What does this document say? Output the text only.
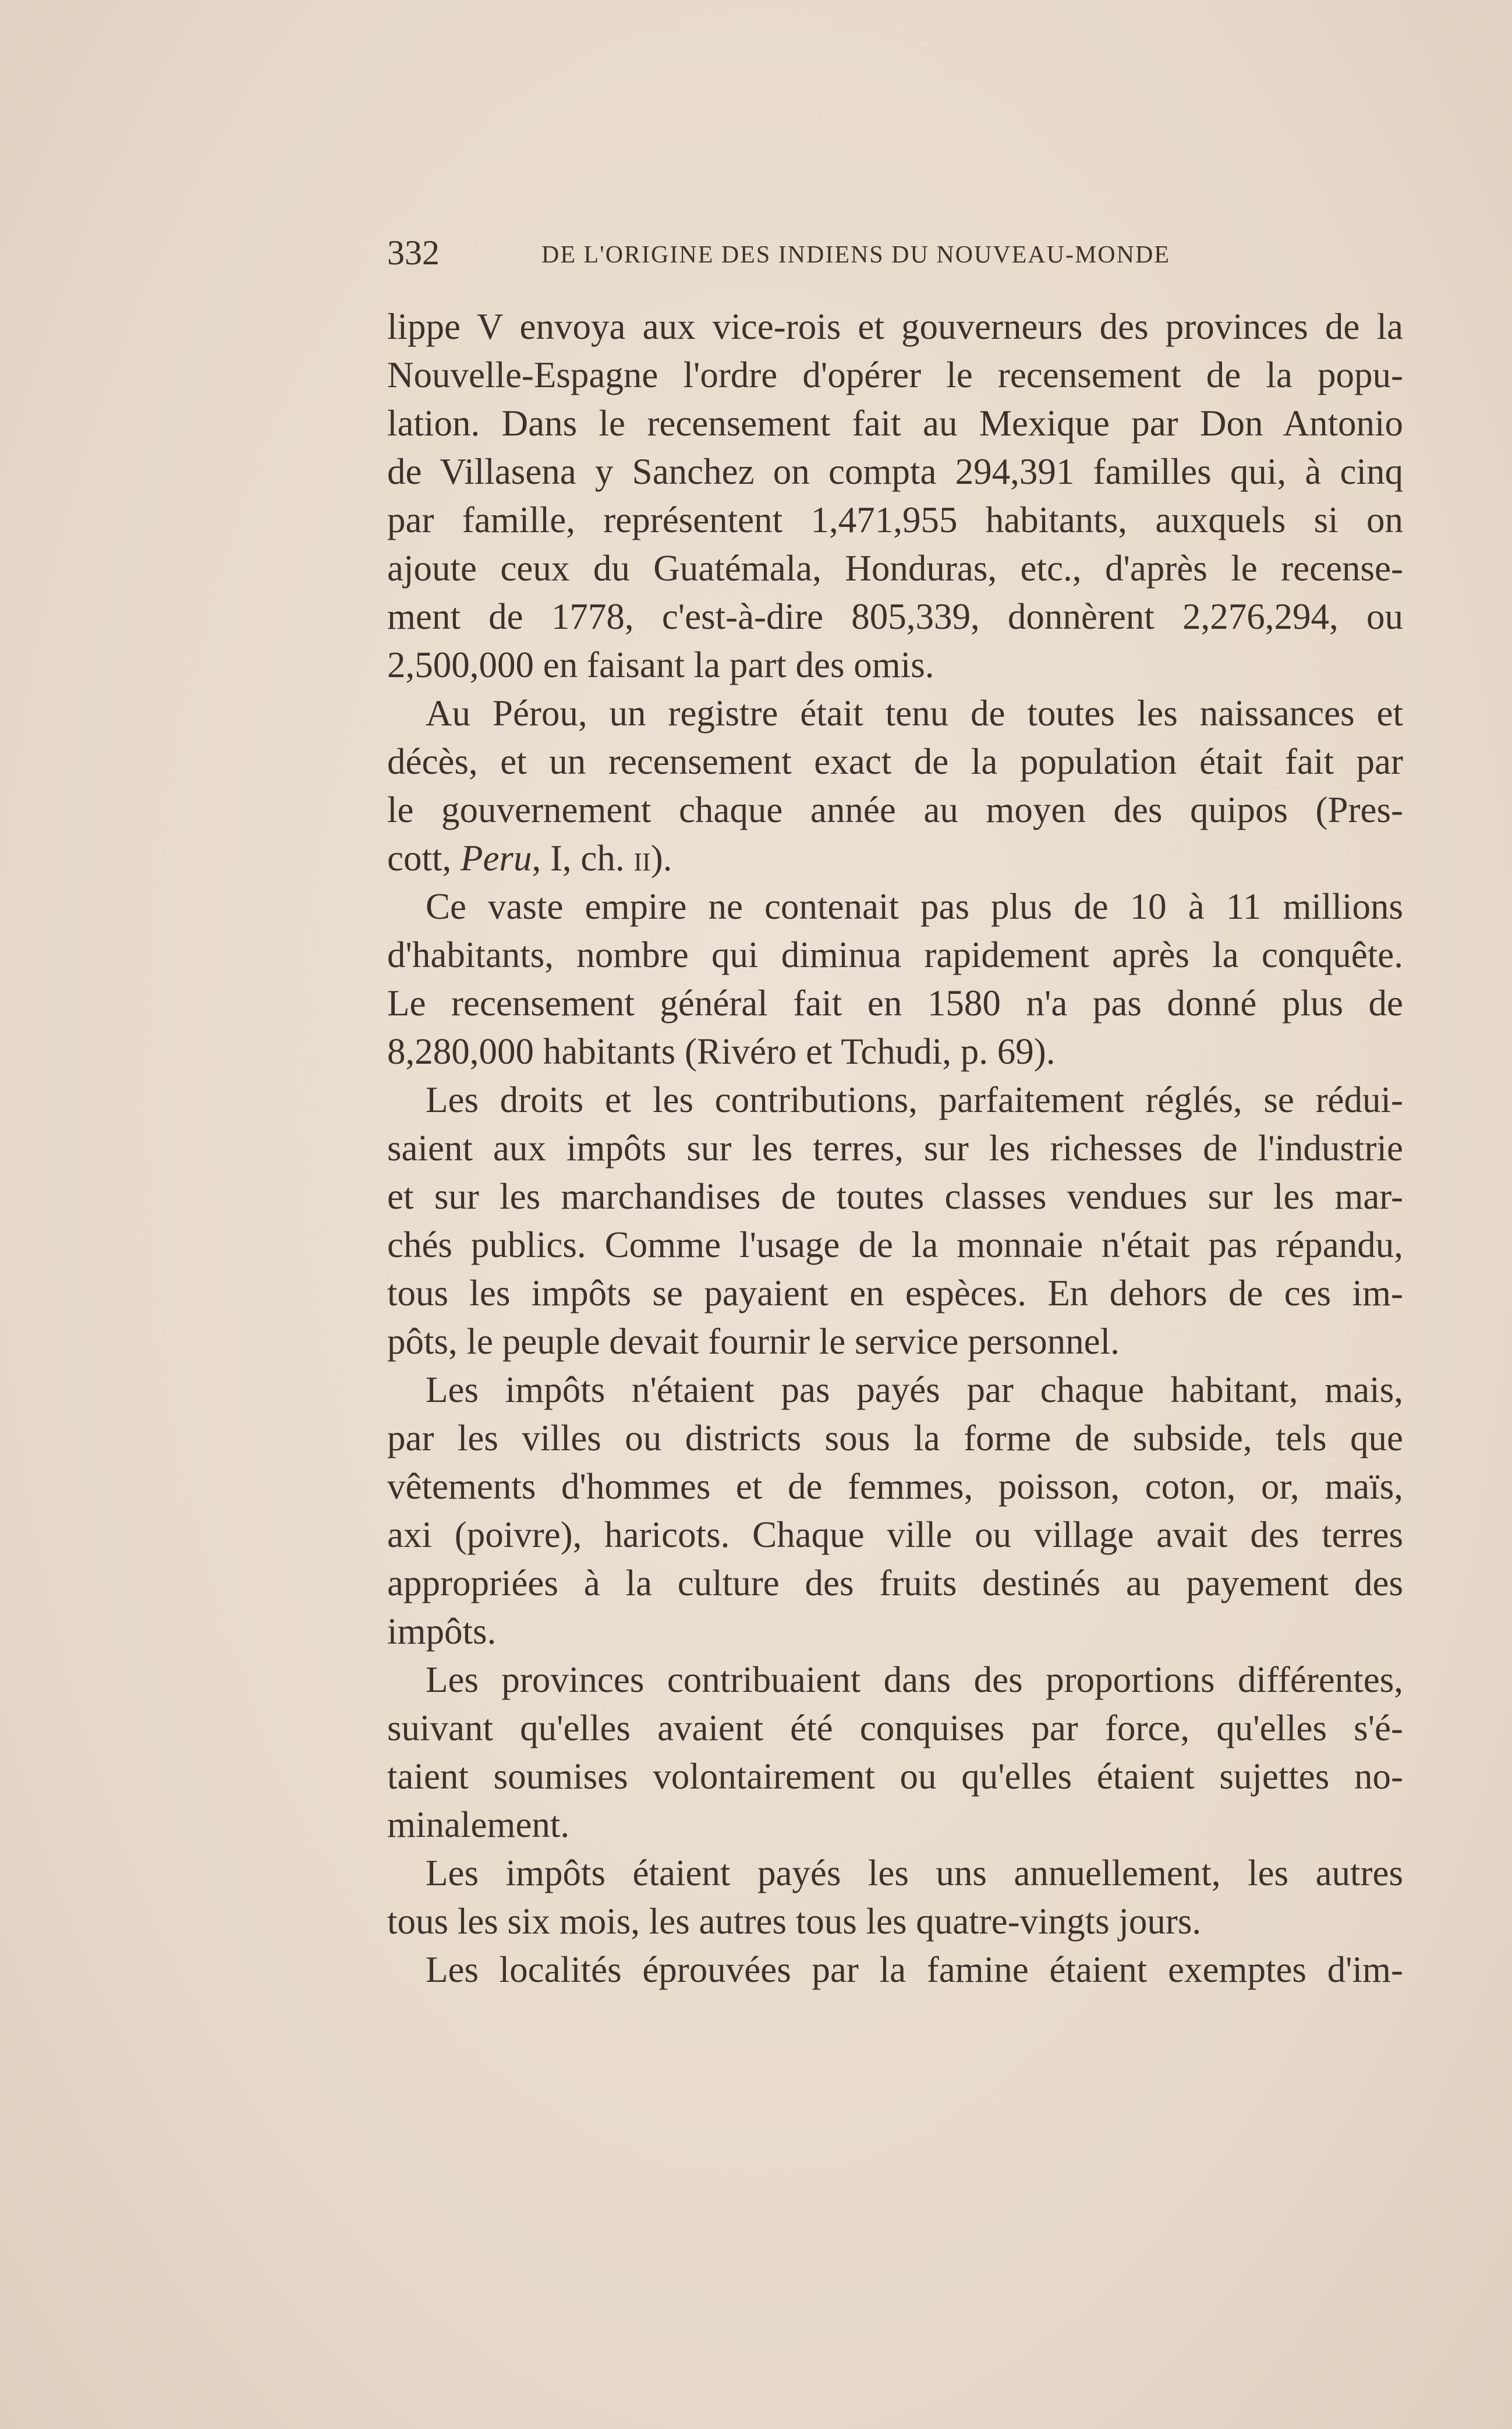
332	DE L'ORIGINE DES INDIENS DU NOUVEAU-MONDE
lippe V envoya aux vice-rois et gouverneurs des provinces de la
Nouvelle-Espagne l'ordre d'opérer le recensement de la popu-
lation. Dans le recensement fait au Mexique par Don Antonio
de Villasena y Sanchez on compta 294,391 familles qui, à cinq
par famille, représentent 1,471,955 habitants, auxquels si on
ajoute ceux du Guatémala, Honduras, etc., d'après le recense-
ment de 1778, c'est-à-dire 805,339, donnèrent 2,276,294, ou
2,500,000 en faisant la part des omis.
Au Pérou, un registre était tenu de toutes les naissances et
décès, et un recensement exact de la population était fait par
le gouvernement chaque année au moyen des quipos (Pres-
cott, Peru, I, ch. ii).
Ce vaste empire ne contenait pas plus de 10 à 11 millions
d'habitants, nombre qui diminua rapidement après la conquête.
Le recensement général fait en 1580 n'a pas donné plus de
8,280,000 habitants (Rivéro et Tchudi, p. 69).
Les droits et les contributions, parfaitement réglés, se rédui-
saient aux impôts sur les terres, sur les richesses de l'industrie
et sur les marchandises de toutes classes vendues sur les mar-
chés publics. Comme l'usage de la monnaie n'était pas répandu,
tous les impôts se payaient en espèces. En dehors de ces im-
pôts, le peuple devait fournir le service personnel.
Les impôts n'étaient pas payés par chaque habitant, mais,
par les villes ou districts sous la forme de subside, tels que
vêtements d'hommes et de femmes, poisson, coton, or, maïs,
axi (poivre), haricots. Chaque ville ou village avait des terres
appropriées à la culture des fruits destinés au payement des
impôts.
Les provinces contribuaient dans des proportions différentes,
suivant qu'elles avaient été conquises par force, qu'elles s'é-
taient soumises volontairement ou qu'elles étaient sujettes no-
minalement.
Les impôts étaient payés les uns annuellement, les autres
tous les six mois, les autres tous les quatre-vingts jours.
Les localités éprouvées par la famine étaient exemptes d'im-
